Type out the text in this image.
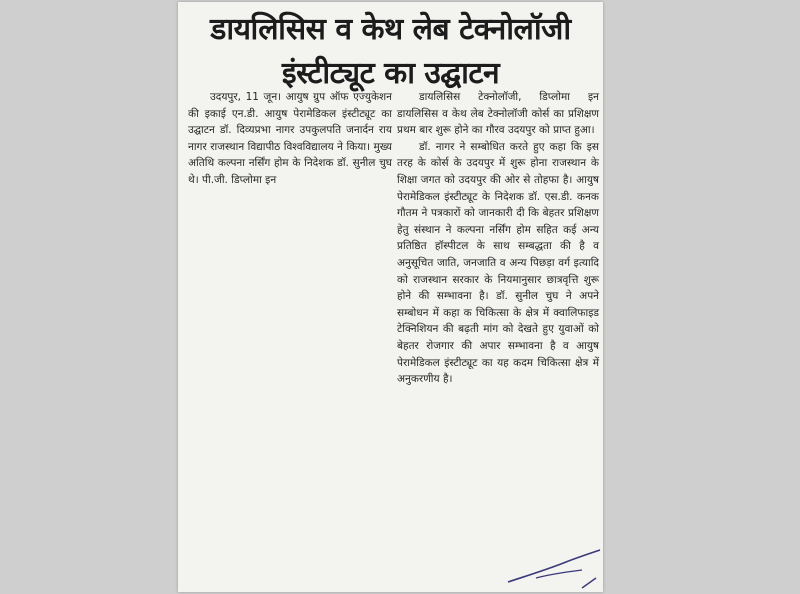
डायलिसिस व केथ लेब टेक्नोलॉजी
इंस्टीट्यूट का उद्घाटन

उदयपुर, 11 जून। आयुष ग्रुप ऑफ एज्युकेशन की इकाई एन.डी. आयुष पेरामेडिकल इंस्टीट्यूट का उद्घाटन डॉ. दिव्यप्रभा नागर उपकुलपति जनार्दन राय नागर राजस्थान विद्यापीठ विश्वविद्यालय ने किया। मुख्य अतिथि कल्पना नर्सिंग होम के निदेशक डॉ. सुनील चुघ थे। पी.जी. डिप्लोमा इन

डायलिसिस टेक्नोलॉजी, डिप्लोमा इन डायलिसिस व केथ लेब टेक्नोलॉजी कोर्स का प्रशिक्षण प्रथम बार शुरू होने का गौरव उदयपुर को प्राप्त हुआ।

डॉ. नागर ने सम्बोधित करते हुए कहा कि इस तरह के कोर्स के उदयपुर में शुरू होना राजस्थान के शिक्षा जगत को उदयपुर की ओर से तोहफा है। आयुष पेरामेडिकल इंस्टीट्यूट के निदेशक डॉ. एस.डी. कनक गौतम ने पत्रकारों को जानकारी दी कि बेहतर प्रशिक्षण हेतु संस्थान ने कल्पना नर्सिंग होम सहित कई अन्य प्रतिष्ठित हॉस्पीटल के साथ सम्बद्धता की है व अनुसूचित जाति, जनजाति व अन्य पिछड़ा वर्ग इत्यादि को राजस्थान सरकार के नियमानुसार छात्रवृत्ति शुरू होने की सम्भावना है। डॉ. सुनील चुघ ने अपने सम्बोधन में कहा क चिकित्सा के क्षेत्र में क्वालिफाइड टेक्निशियन की बढ़ती मांग को देखते हुए युवाओं को बेहतर रोजगार की अपार सम्भावना है व आयुष पेरामेडिकल इंस्टीट्यूट का यह कदम चिकित्सा क्षेत्र में अनुकरणीय है।
